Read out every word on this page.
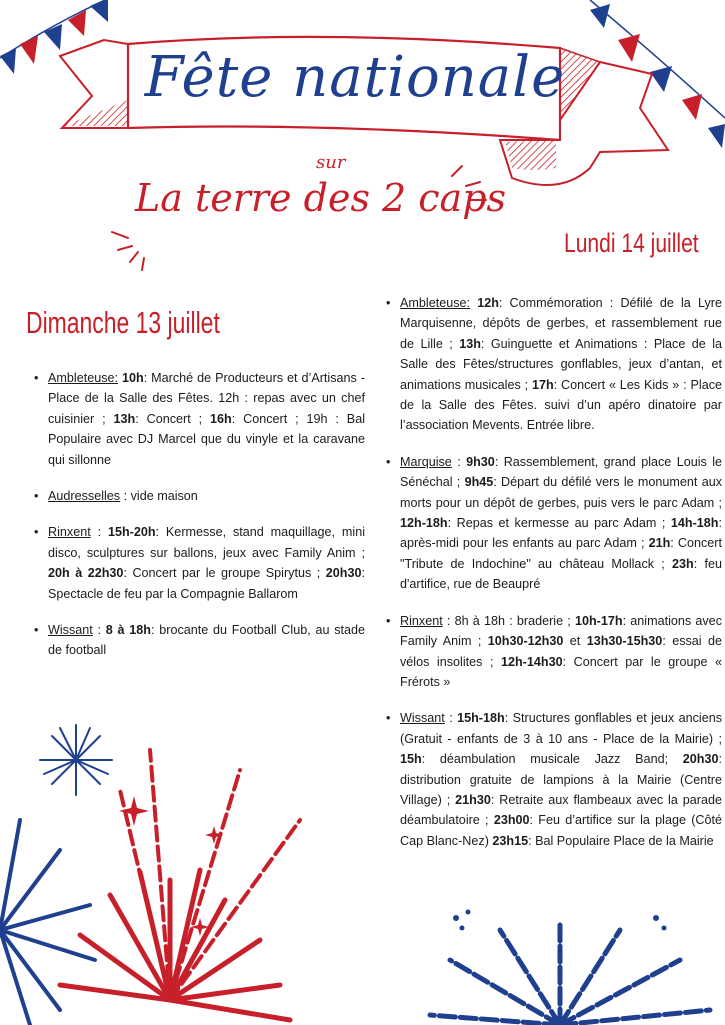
Fête nationale
sur
La terre des 2 caps
Lundi 14 juillet
Dimanche 13 juillet
• Ambleteuse: 10h: Marché de Producteurs et d’Artisans - Place de la Salle des Fêtes. 12h : repas avec un chef cuisinier ; 13h: Concert ; 16h: Concert ; 19h : Bal Populaire avec DJ Marcel que du vinyle et la caravane qui sillonne
• Audresselles : vide maison
• Rinxent : 15h-20h: Kermesse, stand maquillage, mini disco, sculptures sur ballons, jeux avec Family Anim ; 20h à 22h30: Concert par le groupe Spirytus ; 20h30: Spectacle de feu par la Compagnie Ballarom
• Wissant : 8 à 18h: brocante du Football Club, au stade de football
• Ambleteuse: 12h: Commémoration : Défilé de la Lyre Marquisenne, dépôts de gerbes, et rassemblement rue de Lille ; 13h: Guinguette et Animations : Place de la Salle des Fêtes/structures gonflables, jeux d’antan, et animations musicales ; 17h: Concert « Les Kids » : Place de la Salle des Fêtes. suivi d’un apéro dinatoire par l’association Mevents. Entrée libre.
• Marquise : 9h30: Rassemblement, grand place Louis le Sénéchal ; 9h45: Départ du défilé vers le monument aux morts pour un dépôt de gerbes, puis vers le parc Adam ; 12h-18h: Repas et kermesse au parc Adam ; 14h-18h: après-midi pour les enfants au parc Adam ; 21h: Concert "Tribute de Indochine" au château Mollack ; 23h: feu d'artifice, rue de Beaupré
• Rinxent : 8h à 18h : braderie ; 10h-17h: animations avec Family Anim ; 10h30-12h30 et 13h30-15h30: essai de vélos insolites ; 12h-14h30: Concert par le groupe « Frérots »
• Wissant : 15h-18h: Structures gonflables et jeux anciens (Gratuit - enfants de 3 à 10 ans - Place de la Mairie) ; 15h: déambulation musicale Jazz Band; 20h30: distribution gratuite de lampions à la Mairie (Centre Village) ; 21h30: Retraite aux flambeaux avec la parade déambulatoire ; 23h00: Feu d’artifice sur la plage (Côté Cap Blanc-Nez) 23h15: Bal Populaire Place de la Mairie
